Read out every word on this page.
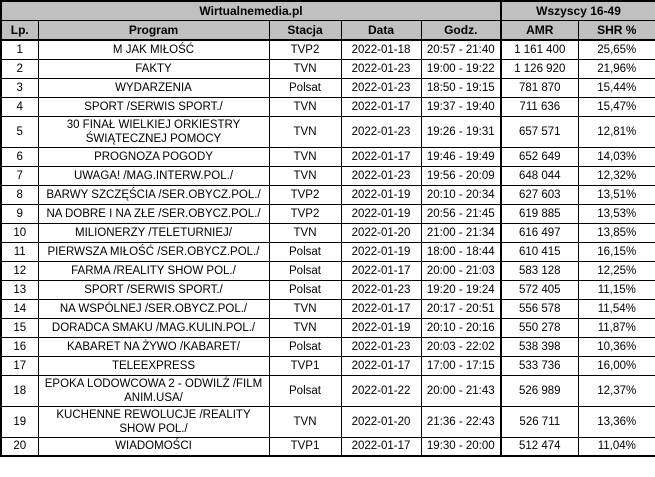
Wirtualnemedia.pl					Wszyscy 16-49	
Lp.	Program	Stacja	Data	Godz.	AMR	SHR %
1	M JAK MIŁOŚĆ	TVP2	2022-01-18	20:57 - 21:40	1 161 400	25,65%
2	FAKTY	TVN	2022-01-23	19:00 - 19:22	1 126 920	21,96%
3	WYDARZENIA	Polsat	2022-01-23	18:50 - 19:15	781 870	15,44%
4	SPORT /SERWIS SPORT./	TVN	2022-01-17	19:37 - 19:40	711 636	15,47%
5	30 FINAŁ WIELKIEJ ORKIESTRY ŚWIĄTECZNEJ POMOCY	TVN	2022-01-23	19:26 - 19:31	657 571	12,81%
6	PROGNOZA POGODY	TVN	2022-01-17	19:46 - 19:49	652 649	14,03%
7	UWAGA! /MAG.INTERW.POL./	TVN	2022-01-23	19:56 - 20:09	648 044	12,32%
8	BARWY SZCZĘŚCIA /SER.OBYCZ.POL./	TVP2	2022-01-19	20:10 - 20:34	627 603	13,51%
9	NA DOBRE I NA ZŁE /SER.OBYCZ.POL./	TVP2	2022-01-19	20:56 - 21:45	619 885	13,53%
10	MILIONERZY /TELETURNIEJ/	TVN	2022-01-20	21:00 - 21:34	616 497	13,85%
11	PIERWSZA MIŁOŚĆ /SER.OBYCZ.POL./	Polsat	2022-01-19	18:00 - 18:44	610 415	16,15%
12	FARMA /REALITY SHOW POL./	Polsat	2022-01-17	20:00 - 21:03	583 128	12,25%
13	SPORT /SERWIS SPORT./	Polsat	2022-01-23	19:20 - 19:24	572 405	11,15%
14	NA WSPÓLNEJ /SER.OBYCZ.POL./	TVN	2022-01-17	20:17 - 20:51	556 578	11,54%
15	DORADCA SMAKU /MAG.KULIN.POL./	TVN	2022-01-19	20:10 - 20:16	550 278	11,87%
16	KABARET NA ŻYWO /KABARET/	Polsat	2022-01-23	20:03 - 22:02	538 398	10,36%
17	TELEEXPRESS	TVP1	2022-01-17	17:00 - 17:15	533 736	16,00%
18	EPOKA LODOWCOWA 2 - ODWILŻ /FILM ANIM.USA/	Polsat	2022-01-22	20:00 - 21:43	526 989	12,37%
19	KUCHENNE REWOLUCJE /REALITY SHOW POL./	TVN	2022-01-20	21:36 - 22:43	526 711	13,36%
20	WIADOMOŚCI	TVP1	2022-01-17	19:30 - 20:00	512 474	11,04%
